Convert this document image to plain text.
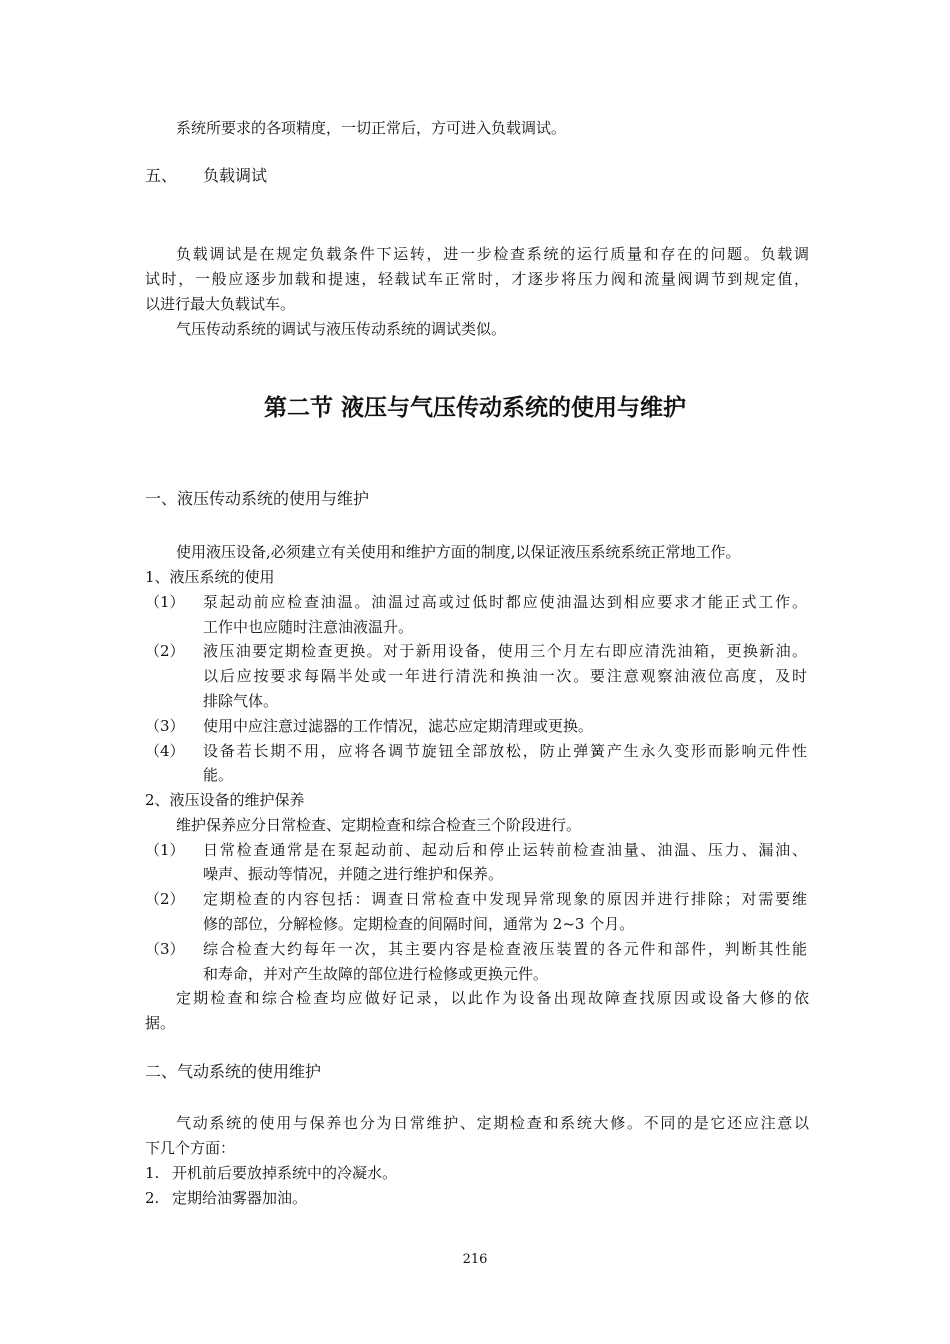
系统所要求的各项精度，一切正常后，方可进入负载调试。
五、	负载调试
负载调试是在规定负载条件下运转，进一步检查系统的运行质量和存在的问题。负载调
试时，一般应逐步加载和提速，轻载试车正常时，才逐步将压力阀和流量阀调节到规定值，
以进行最大负载试车。
气压传动系统的调试与液压传动系统的调试类似。
第二节 液压与气压传动系统的使用与维护
一、液压传动系统的使用与维护
使用液压设备,必须建立有关使用和维护方面的制度,以保证液压系统系统正常地工作。
1、液压系统的使用
（1） 泵起动前应检查油温。油温过高或过低时都应使油温达到相应要求才能正式工作。
工作中也应随时注意油液温升。
（2） 液压油要定期检查更换。对于新用设备，使用三个月左右即应清洗油箱，更换新油。
以后应按要求每隔半处或一年进行清洗和换油一次。要注意观察油液位高度，及时
排除气体。
（3） 使用中应注意过滤器的工作情况，滤芯应定期清理或更换。
（4） 设备若长期不用，应将各调节旋钮全部放松，防止弹簧产生永久变形而影响元件性
能。
2、液压设备的维护保养
维护保养应分日常检查、定期检查和综合检查三个阶段进行。
（1） 日常检查通常是在泵起动前、起动后和停止运转前检查油量、油温、压力、漏油、
噪声、振动等情况，并随之进行维护和保养。
（2） 定期检查的内容包括：调查日常检查中发现异常现象的原因并进行排除；对需要维
修的部位，分解检修。定期检查的间隔时间，通常为 2~3 个月。
（3） 综合检查大约每年一次，其主要内容是检查液压装置的各元件和部件，判断其性能
和寿命，并对产生故障的部位进行检修或更换元件。
定期检查和综合检查均应做好记录，以此作为设备出现故障查找原因或设备大修的依
据。
二、气动系统的使用维护
气动系统的使用与保养也分为日常维护、定期检查和系统大修。不同的是它还应注意以
下几个方面：
1. 开机前后要放掉系统中的冷凝水。
2. 定期给油雾器加油。
216
